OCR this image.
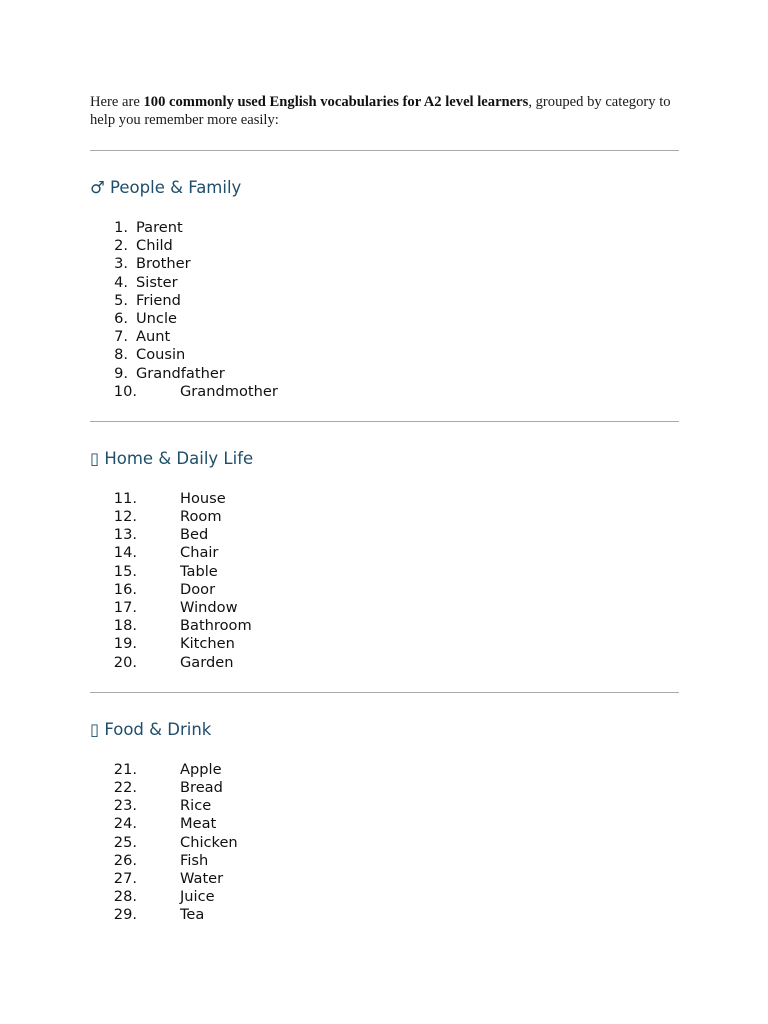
Here are 100 commonly used English vocabularies for A2 level learners, grouped by category to help you remember more easily:

♂ People & Family
1. Parent
2. Child
3. Brother
4. Sister
5. Friend
6. Uncle
7. Aunt
8. Cousin
9. Grandfather
10.	Grandmother
▯ Home & Daily Life
11.	House
12.	Room
13.	Bed
14.	Chair
15.	Table
16.	Door
17.	Window
18.	Bathroom
19.	Kitchen
20.	Garden
▯ Food & Drink
21.	Apple
22.	Bread
23.	Rice
24.	Meat
25.	Chicken
26.	Fish
27.	Water
28.	Juice
29.	Tea
